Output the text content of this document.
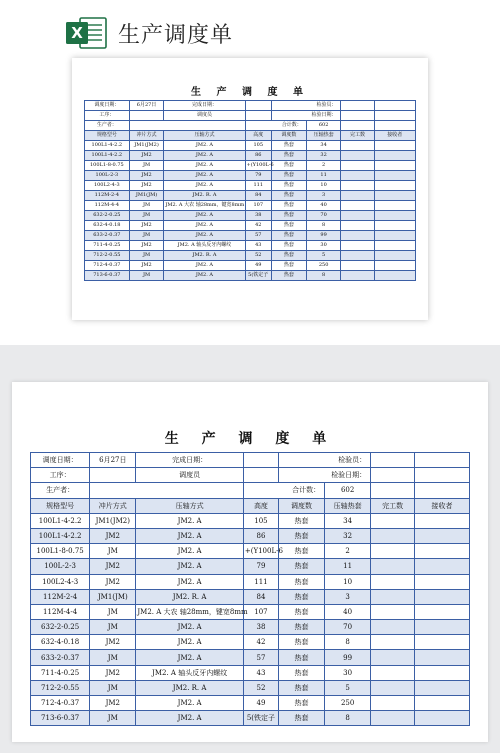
X 生产调度单
生 产 调 度 单
调度日期：	6月27日	完成日期：		检验员：			
工序：		调度员		检验日期：			
生产者：			合计数：		602		
规格型号	冲片方式	压轴方式	高度	调度数	压轴热套	完工数	接收者
100L1-4-2.2	JM1(JM2)	JM2. A	105	热套	34		
100L1-4-2.2	JM2	JM2. A	86	热套	32		
100L1-8-0.75	JM	JM2. A	+(Y100L-6	热套	2		
100L-2-3	JM2	JM2. A	79	热套	11		
100L2-4-3	JM2	JM2. A	111	热套	10		
112M-2-4	JM1(JM)	JM2. R. A	84	热套	3		
112M-4-4	JM	JM2. A 大农 轴28mm，键宽8mm	107	热套	40		
632-2-0.25	JM	JM2. A	38	热套	70		
632-4-0.18	JM2	JM2. A	42	热套	8		
633-2-0.37	JM	JM2. A	57	热套	99		
711-4-0.25	JM2	JM2. A 轴头反牙内螺纹	43	热套	30		
712-2-0.55	JM	JM2. R. A	52	热套	5		
712-4-0.37	JM2	JM2. A	49	热套	250		
713-6-0.37	JM	JM2. A	5(铁定子	热套	8		
生 产 调 度 单
调度日期：	6月27日	完成日期：		检验员：			
工序：		调度员		检验日期：			
生产者：			合计数：		602		
规格型号	冲片方式	压轴方式	高度	调度数	压轴热套	完工数	接收者
100L1-4-2.2	JM1(JM2)	JM2. A	105	热套	34		
100L1-4-2.2	JM2	JM2. A	86	热套	32		
100L1-8-0.75	JM	JM2. A	+(Y100L-6	热套	2		
100L-2-3	JM2	JM2. A	79	热套	11		
100L2-4-3	JM2	JM2. A	111	热套	10		
112M-2-4	JM1(JM)	JM2. R. A	84	热套	3		
112M-4-4	JM	JM2. A 大农 轴28mm，键宽8mm	107	热套	40		
632-2-0.25	JM	JM2. A	38	热套	70		
632-4-0.18	JM2	JM2. A	42	热套	8		
633-2-0.37	JM	JM2. A	57	热套	99		
711-4-0.25	JM2	JM2. A 轴头反牙内螺纹	43	热套	30		
712-2-0.55	JM	JM2. R. A	52	热套	5		
712-4-0.37	JM2	JM2. A	49	热套	250		
713-6-0.37	JM	JM2. A	5(铁定子	热套	8		
